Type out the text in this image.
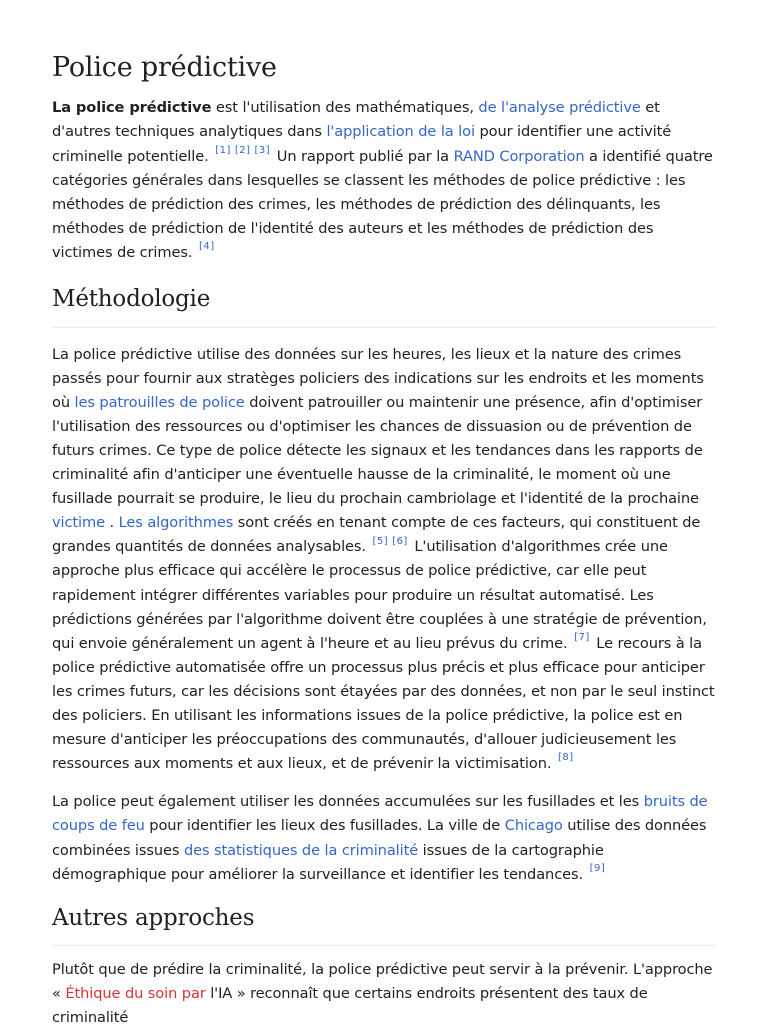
Police prédictive

La police prédictive est l'utilisation des mathématiques, de l'analyse prédictive et d'autres techniques analytiques dans l'application de la loi pour identifier une activité criminelle potentielle. [1] [2] [3] Un rapport publié par la RAND Corporation a identifié quatre catégories générales dans lesquelles se classent les méthodes de police prédictive : les méthodes de prédiction des crimes, les méthodes de prédiction des délinquants, les méthodes de prédiction de l'identité des auteurs et les méthodes de prédiction des victimes de crimes. [4]

Méthodologie

La police prédictive utilise des données sur les heures, les lieux et la nature des crimes passés pour fournir aux stratèges policiers des indications sur les endroits et les moments où les patrouilles de police doivent patrouiller ou maintenir une présence, afin d'optimiser l'utilisation des ressources ou d'optimiser les chances de dissuasion ou de prévention de futurs crimes. Ce type de police détecte les signaux et les tendances dans les rapports de criminalité afin d'anticiper une éventuelle hausse de la criminalité, le moment où une fusillade pourrait se produire, le lieu du prochain cambriolage et l'identité de la prochaine victime . Les algorithmes sont créés en tenant compte de ces facteurs, qui constituent de grandes quantités de données analysables. [5] [6] L'utilisation d'algorithmes crée une approche plus efficace qui accélère le processus de police prédictive, car elle peut rapidement intégrer différentes variables pour produire un résultat automatisé. Les prédictions générées par l'algorithme doivent être couplées à une stratégie de prévention, qui envoie généralement un agent à l'heure et au lieu prévus du crime. [7] Le recours à la police prédictive automatisée offre un processus plus précis et plus efficace pour anticiper les crimes futurs, car les décisions sont étayées par des données, et non par le seul instinct des policiers. En utilisant les informations issues de la police prédictive, la police est en mesure d'anticiper les préoccupations des communautés, d'allouer judicieusement les ressources aux moments et aux lieux, et de prévenir la victimisation. [8]

La police peut également utiliser les données accumulées sur les fusillades et les bruits de coups de feu pour identifier les lieux des fusillades. La ville de Chicago utilise des données combinées issues des statistiques de la criminalité issues de la cartographie démographique pour améliorer la surveillance et identifier les tendances. [9]

Autres approches

Plutôt que de prédire la criminalité, la police prédictive peut servir à la prévenir. L'approche « Éthique du soin par l'IA » reconnaît que certains endroits présentent des taux de criminalité
